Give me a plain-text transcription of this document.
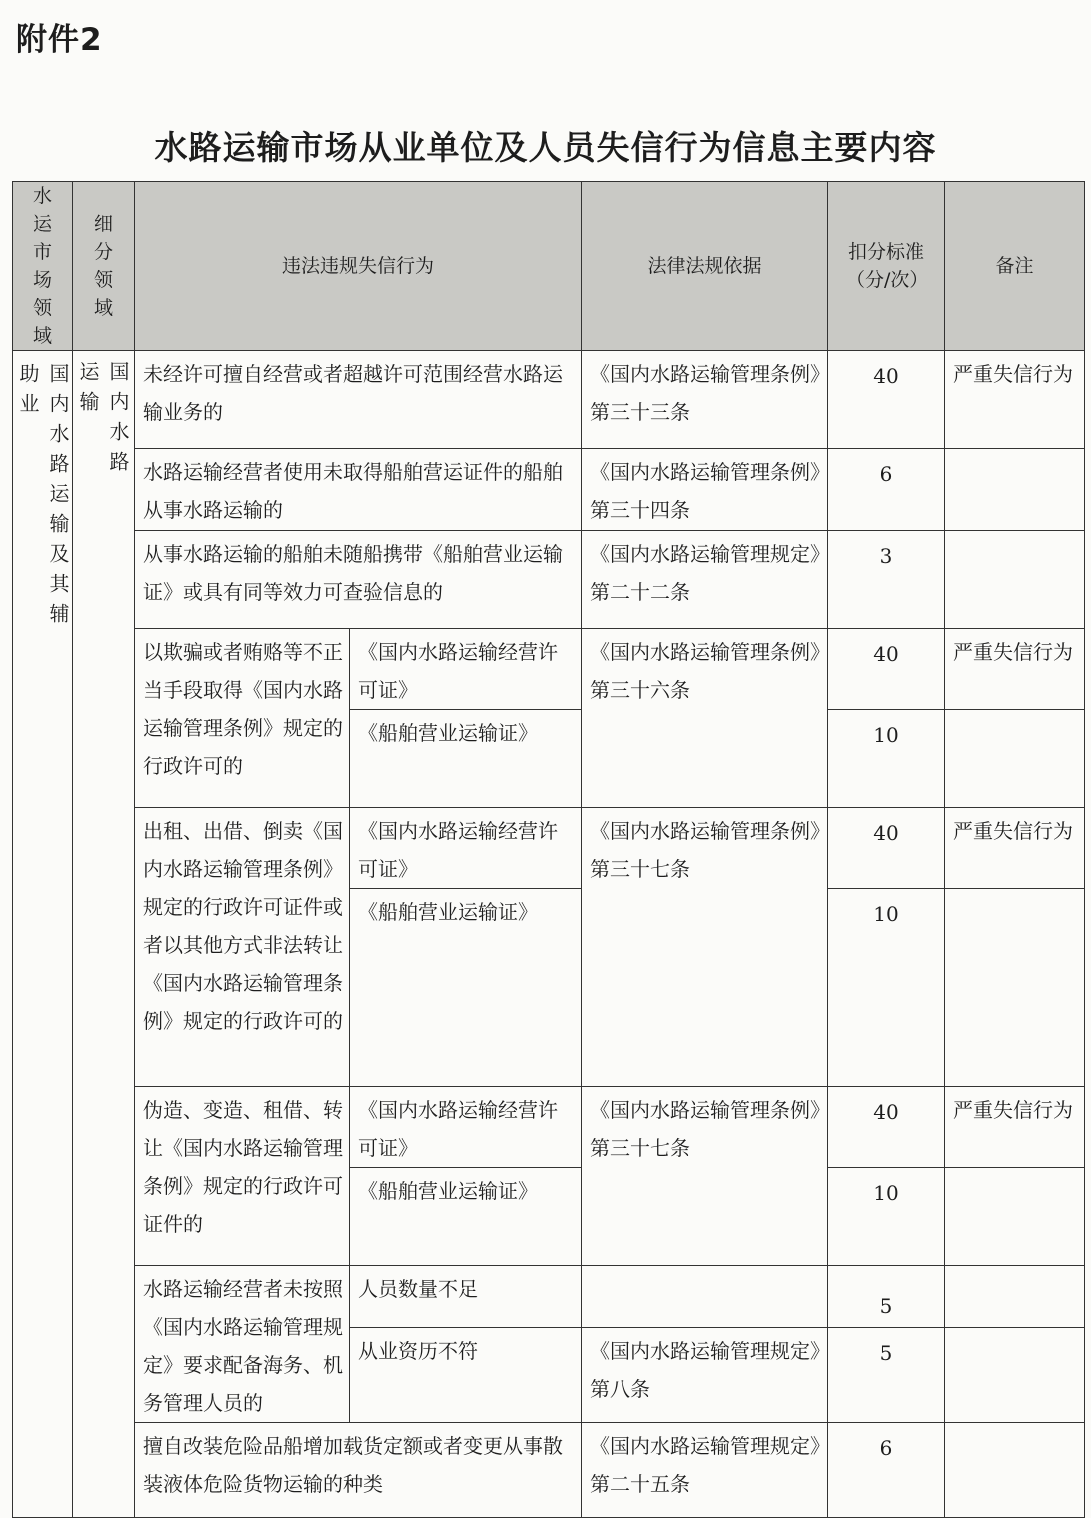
附件2
水路运输市场从业单位及人员失信行为信息主要内容
水运市场领域	细分领域	违法违规失信行为		法律法规依据	扣分标准（分/次）	备注

国内水路运输及其辅助业	国内水路运输	未经许可擅自经营或者超越许可范围经营水路运输业务的		《国内水路运输管理条例》第三十三条	40	严重失信行为
		水路运输经营者使用未取得船舶营运证件的船舶从事水路运输的		《国内水路运输管理条例》第三十四条	6	
		从事水路运输的船舶未随船携带《船舶营业运输证》或具有同等效力可查验信息的		《国内水路运输管理规定》第二十二条	3	
		以欺骗或者贿赂等不正当手段取得《国内水路运输管理条例》规定的行政许可的	《国内水路运输经营许可证》	《国内水路运输管理条例》第三十六条	40	严重失信行为
			《船舶营业运输证》		10	
		出租、出借、倒卖《国内水路运输管理条例》规定的行政许可证件或者以其他方式非法转让《国内水路运输管理条例》规定的行政许可的	《国内水路运输经营许可证》	《国内水路运输管理条例》第三十七条	40	严重失信行为
			《船舶营业运输证》		10	
		伪造、变造、租借、转让《国内水路运输管理条例》规定的行政许可证件的	《国内水路运输经营许可证》	《国内水路运输管理条例》第三十七条	40	严重失信行为
			《船舶营业运输证》		10	
		水路运输经营者未按照《国内水路运输管理规定》要求配备海务、机务管理人员的	人员数量不足		5	
			从业资历不符	《国内水路运输管理规定》第八条	5	
		擅自改装危险品船增加载货定额或者变更从事散装液体危险货物运输的种类		《国内水路运输管理规定》第二十五条	6	
